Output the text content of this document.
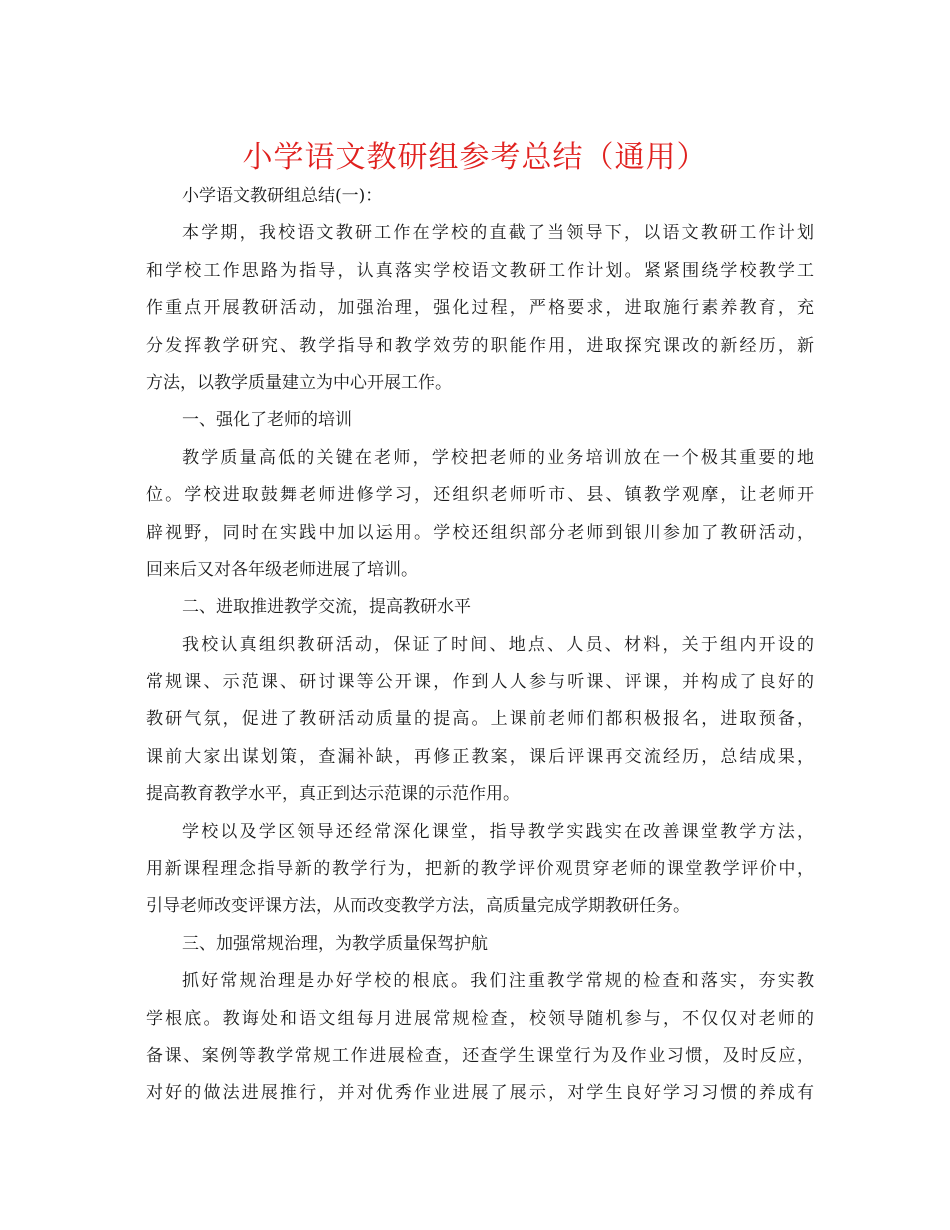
小学语文教研组参考总结（通用）
小学语文教研组总结(一)：
本学期，我校语文教研工作在学校的直截了当领导下，以语文教研工作计划
和学校工作思路为指导，认真落实学校语文教研工作计划。紧紧围绕学校教学工
作重点开展教研活动，加强治理，强化过程，严格要求，进取施行素养教育，充
分发挥教学研究、教学指导和教学效劳的职能作用，进取探究课改的新经历，新
方法，以教学质量建立为中心开展工作。
一、强化了老师的培训
教学质量高低的关键在老师，学校把老师的业务培训放在一个极其重要的地
位。学校进取鼓舞老师进修学习，还组织老师听市、县、镇教学观摩，让老师开
辟视野，同时在实践中加以运用。学校还组织部分老师到银川参加了教研活动，
回来后又对各年级老师进展了培训。
二、进取推进教学交流，提高教研水平
我校认真组织教研活动，保证了时间、地点、人员、材料，关于组内开设的
常规课、示范课、研讨课等公开课，作到人人参与听课、评课，并构成了良好的
教研气氛，促进了教研活动质量的提高。上课前老师们都积极报名，进取预备，
课前大家出谋划策，查漏补缺，再修正教案，课后评课再交流经历，总结成果，
提高教育教学水平，真正到达示范课的示范作用。
学校以及学区领导还经常深化课堂，指导教学实践实在改善课堂教学方法，
用新课程理念指导新的教学行为，把新的教学评价观贯穿老师的课堂教学评价中，
引导老师改变评课方法，从而改变教学方法，高质量完成学期教研任务。
三、加强常规治理，为教学质量保驾护航
抓好常规治理是办好学校的根底。我们注重教学常规的检查和落实，夯实教
学根底。教诲处和语文组每月进展常规检查，校领导随机参与，不仅仅对老师的
备课、案例等教学常规工作进展检查，还查学生课堂行为及作业习惯，及时反应，
对好的做法进展推行，并对优秀作业进展了展示，对学生良好学习习惯的养成有
